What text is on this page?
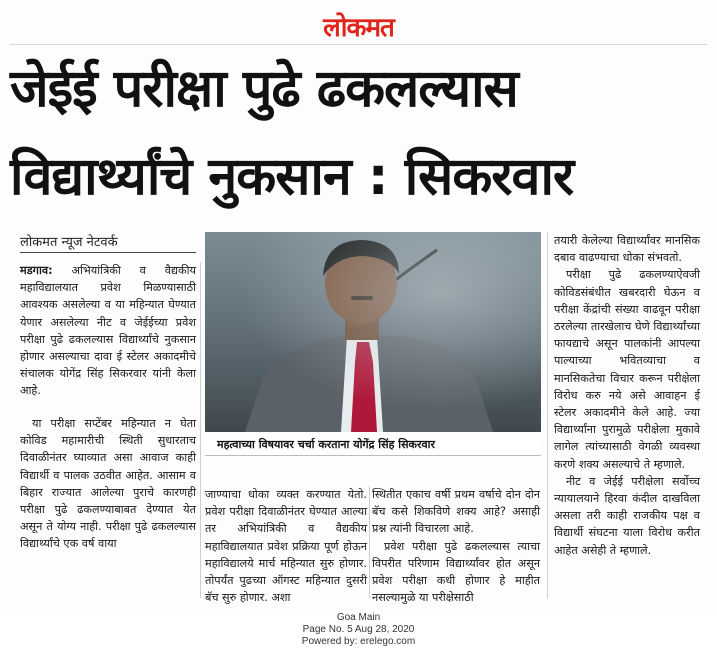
लोकमत
जेईई परीक्षा पुढे ढकलल्यास
विद्यार्थ्यांचे नुकसान : सिकरवार
लोकमत न्यूज नेटवर्क

मडगाव: अभियांत्रिकी व वैद्यकीय महाविद्यालयात प्रवेश मिळण्यासाठी आवश्यक असलेल्या व या महिन्यात घेण्यात येणार असलेल्या नीट व जेईईच्या प्रवेश परीक्षा पुढे ढकलल्यास विद्यार्थ्यांचे नुकसान होणार असल्याचा दावा ई स्टेलर अकादमीचे संचालक योगेंद्र सिंह सिकरवार यांनी केला आहे.

या परीक्षा सप्टेंबर महिन्यात न घेता कोविड महामारीची स्थिती सुधारताच दिवाळीनंतर घ्याव्यात असा आवाज काही विद्यार्थी व पालक उठवीत आहेत. आसाम व बिहार राज्यात आलेल्या पुराचे कारणही परीक्षा पुढे ढकलण्याबाबत देण्यात येत असून ते योग्य नाही. परीक्षा पुढे ढकलल्यास विद्यार्थ्यांचे एक वर्ष वाया

महत्वाच्या विषयावर चर्चा करताना योगेंद्र सिंह सिकरवार

जाण्याचा धोका व्यक्त करण्यात येतो. प्रवेश परीक्षा दिवाळीनंतर घेण्यात आल्या तर अभियांत्रिकी व वैद्यकीय महाविद्यालयात प्रवेश प्रक्रिया पूर्ण होऊन महाविद्यालये मार्च महिन्यात सुरु होणार. तोपर्यंत पुढच्या ऑगस्ट महिन्यात दुसरी बॅच सुरु होणार. अशा

स्थितीत एकाच वर्षी प्रथम वर्षाचे दोन दोन बॅच कसे शिकविणे शक्य आहे? असाही प्रश्न त्यांनी विचारला आहे.

प्रवेश परीक्षा पुढे ढकलल्यास त्याचा विपरीत परिणाम विद्यार्थ्यांवर होत असून प्रवेश परीक्षा कधी होणार हे माहीत नसल्यामुळे या परीक्षेसाठी

तयारी केलेल्या विद्यार्थ्यांवर मानसिक दबाव वाढण्याचा धोका संभवतो.

परीक्षा पुढे ढकलण्याऐवजी कोविडसंबंधीत खबरदारी घेऊन व परीक्षा केंद्रांची संख्या वाढवून परीक्षा ठरलेल्या तारखेलाच घेणे विद्यार्थ्यांच्या फायद्याचे असून पालकांनी आपल्या पाल्याच्या भवितव्याचा व मानसिकतेचा विचार करून परीक्षेला विरोध करु नये असे आवाहन ई स्टेलर अकादमीने केले आहे. ज्या विद्यार्थ्यांना पुरामुळे परीक्षेला मुकावे लागेल त्यांच्यासाठी वेगळी व्यवस्था करणे शक्य असल्याचे ते म्हणाले.

नीट व जेईई परीक्षेला सर्वोच्च न्यायालयाने हिरवा कंदील दाखविला असला तरी काही राजकीय पक्ष व विद्यार्थी संघटना याला विरोध करीत आहेत असेही ते म्हणाले.

Goa Main
Page No. 5 Aug 28, 2020
Powered by: erelego.com
